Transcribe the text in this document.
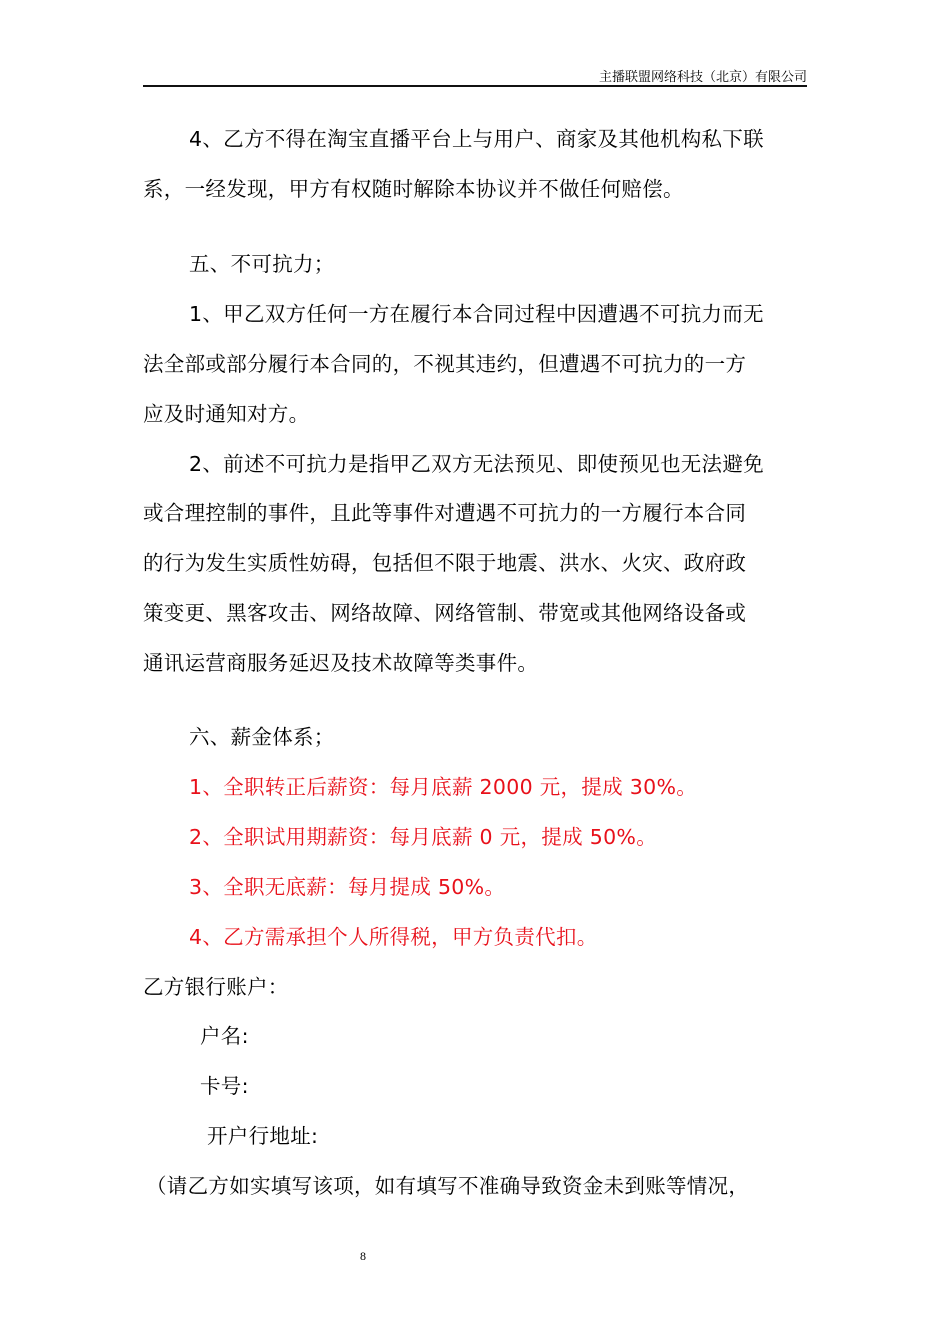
主播联盟网络科技（北京）有限公司
4、乙方不得在淘宝直播平台上与用户、商家及其他机构私下联
系，一经发现，甲方有权随时解除本协议并不做任何赔偿。
五、不可抗力；
1、甲乙双方任何一方在履行本合同过程中因遭遇不可抗力而无
法全部或部分履行本合同的，不视其违约，但遭遇不可抗力的一方
应及时通知对方。
2、前述不可抗力是指甲乙双方无法预见、即使预见也无法避免
或合理控制的事件，且此等事件对遭遇不可抗力的一方履行本合同
的行为发生实质性妨碍，包括但不限于地震、洪水、火灾、政府政
策变更、黑客攻击、网络故障、网络管制、带宽或其他网络设备或
通讯运营商服务延迟及技术故障等类事件。
六、薪金体系；
1、全职转正后薪资：每月底薪 2000 元，提成 30%。
2、全职试用期薪资：每月底薪 0 元，提成 50%。
3、全职无底薪：每月提成 50%。
4、乙方需承担个人所得税，甲方负责代扣。
乙方银行账户：
户名:
卡号:
开户行地址:
（请乙方如实填写该项，如有填写不准确导致资金未到账等情况，
8
